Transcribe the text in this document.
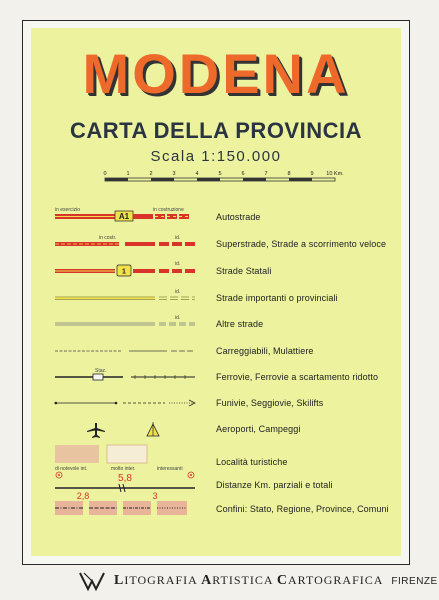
MODENA
CARTA DELLA PROVINCIA
Scala 1:150.000
0	1	2	3	4	5	6	7	8	9 10 Km.
in esercizio	in costruzione
A1	Autostrade
in costr.	id.
Superstrade, Strade a scorrimento veloce
id.
1	Strade Statali
id.
Strade importanti o provinciali
id.
Altre strade
Carreggiabili, Mulattiere
Staz.
Ferrovie, Ferrovie a scartamento ridotto
Funivie, Seggiovie, Skilifts
Aeroporti, Campeggi
di notevole int.	molto inter.	interessanti
Località turistiche
5,8
2,8	3
Distanze Km. parziali e totali
Confini: Stato, Regione, Province, Comuni
LITOGRAFIA ARTISTICA CARTOGRAFICA FIRENZE
